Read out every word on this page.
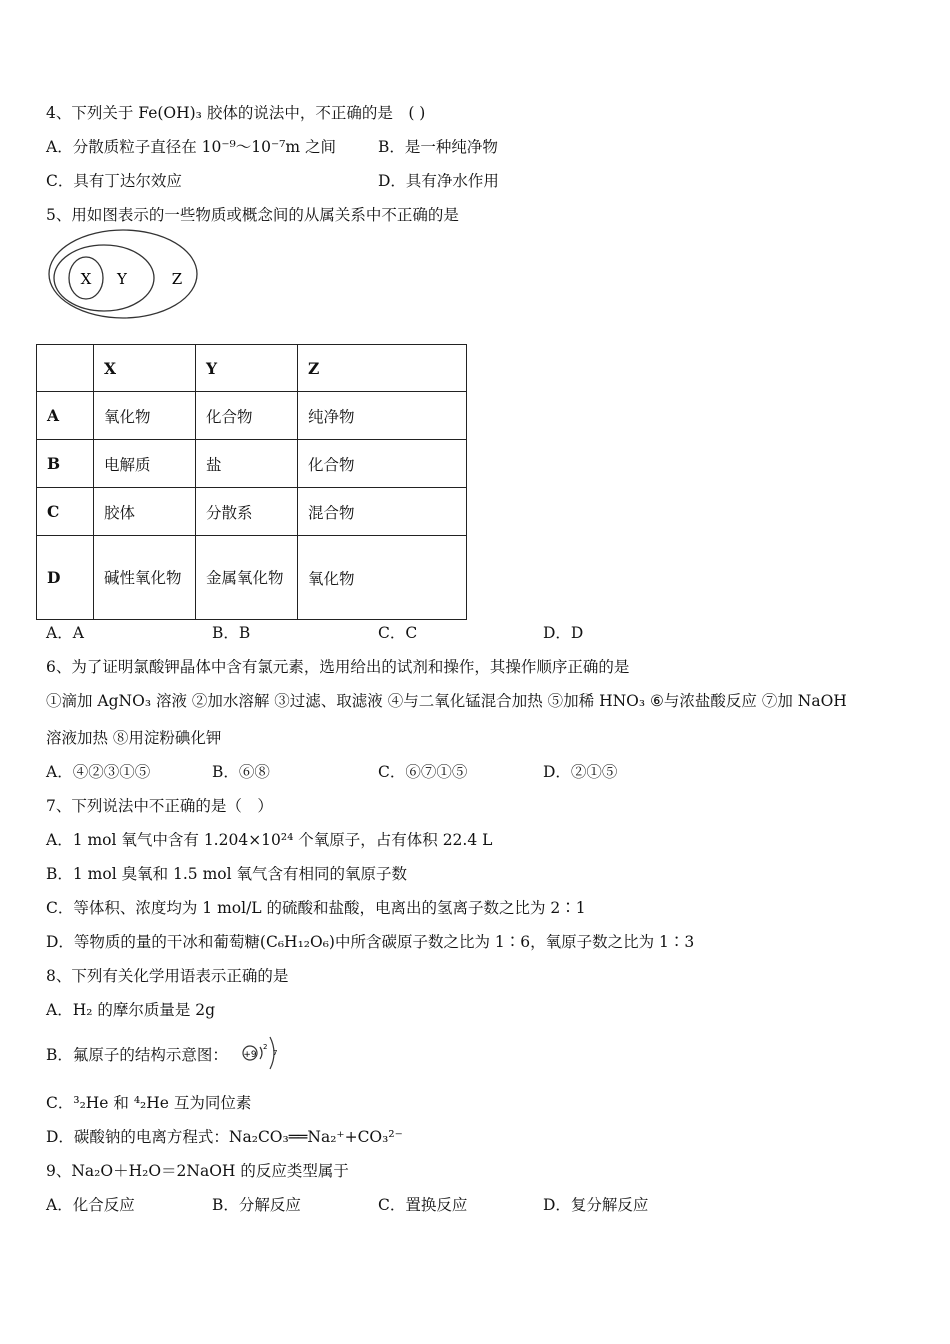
4、下列关于 Fe(OH)₃ 胶体的说法中，不正确的是　( )
A．分散质粒子直径在 10⁻⁹～10⁻⁷m 之间	B．是一种纯净物
C．具有丁达尔效应	D．具有净水作用
5、用如图表示的一些物质或概念间的从属关系中不正确的是
X Y	Z
	X	Y	Z
A	氧化物	化合物	纯净物
B	电解质	盐	化合物
C	胶体	分散系	混合物
D	碱性氧化物	金属氧化物	氧化物
A．A	B．B	C．C	D．D
6、为了证明氯酸钾晶体中含有氯元素，选用给出的试剂和操作，其操作顺序正确的是
①滴加 AgNO₃ 溶液 ②加水溶解 ③过滤、取滤液 ④与二氧化锰混合加热 ⑤加稀 HNO₃ ⑥与浓盐酸反应 ⑦加 NaOH
溶液加热 ⑧用淀粉碘化钾
A．④②③①⑤	B．⑥⑧	C．⑥⑦①⑤	D．②①⑤
7、下列说法中不正确的是（　）
A．1 mol 氧气中含有 1.204×10²⁴ 个氧原子，占有体积 22.4 L
B．1 mol 臭氧和 1.5 mol 氧气含有相同的氧原子数
C．等体积、浓度均为 1 mol/L 的硫酸和盐酸，电离出的氢离子数之比为 2∶1
D．等物质的量的干冰和葡萄糖(C₆H₁₂O₆)中所含碳原子数之比为 1∶6，氧原子数之比为 1∶3
8、下列有关化学用语表示正确的是
A．H₂ 的摩尔质量是 2g
B．氟原子的结构示意图： +9
2
7
C．³₂He 和 ⁴₂He 互为同位素
D．碳酸钠的电离方程式：Na₂CO₃══Na₂⁺+CO₃²⁻
9、Na₂O＋H₂O＝2NaOH 的反应类型属于
A．化合反应	B．分解反应	C．置换反应	D．复分解反应
